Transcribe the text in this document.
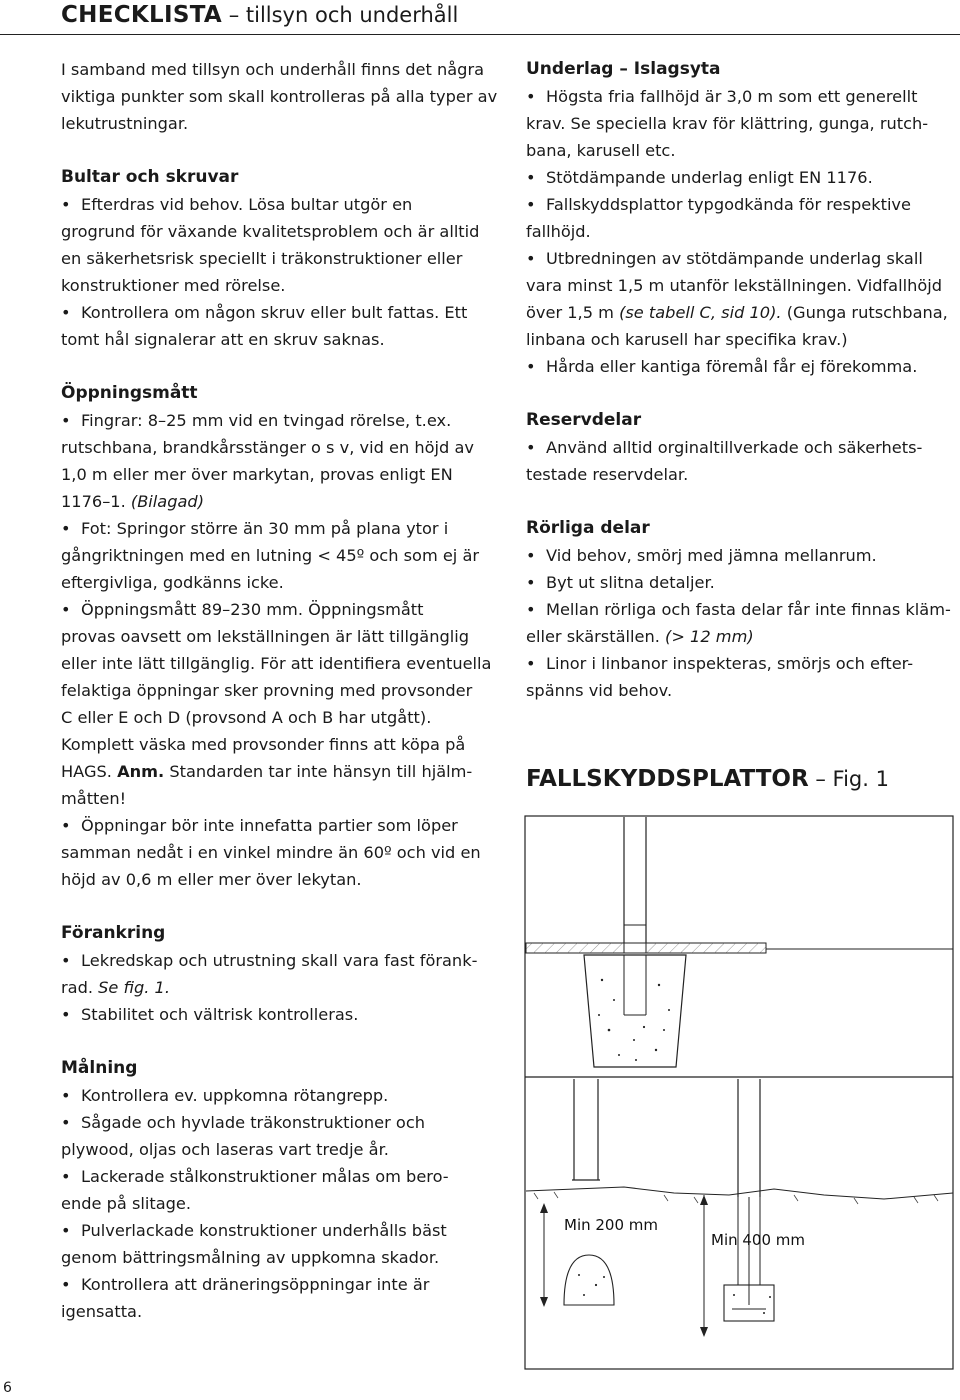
CHECKLISTA – tillsyn och underhåll

I samband med tillsyn och underhåll finns det några

viktiga punkter som skall kontrolleras på alla typer av

lekutrustningar.

Bultar och skruvar

• Efterdras vid behov. Lösa bultar utgör en

grogrund för växande kvalitetsproblem och är alltid

en säkerhetsrisk speciellt i träkonstruktioner eller

konstruktioner med rörelse.

• Kontrollera om någon skruv eller bult fattas. Ett

tomt hål signalerar att en skruv saknas.

Öppningsmått

• Fingrar: 8–25 mm vid en tvingad rörelse, t.ex.

rutschbana, brandkårsstänger o s v, vid en höjd av

1,0 m eller mer över markytan, provas enligt EN

1176–1. (Bilagad)

• Fot: Springor större än 30 mm på plana ytor i

gångriktningen med en lutning < 45º och som ej är

eftergivliga, godkänns icke.

• Öppningsmått 89–230 mm. Öppningsmått

provas oavsett om lekställningen är lätt tillgänglig

eller inte lätt tillgänglig. För att identifiera eventuella

felaktiga öppningar sker provning med provsonder

C eller E och D (provsond A och B har utgått).

Komplett väska med provsonder finns att köpa på

HAGS. Anm. Standarden tar inte hänsyn till hjälm-

måtten!

• Öppningar bör inte innefatta partier som löper

samman nedåt i en vinkel mindre än 60º och vid en

höjd av 0,6 m eller mer över lekytan.

Förankring

• Lekredskap och utrustning skall vara fast förank-

rad. Se fig. 1.

• Stabilitet och vältrisk kontrolleras.

Målning

• Kontrollera ev. uppkomna rötangrepp.

• Sågade och hyvlade träkonstruktioner och

plywood, oljas och laseras vart tredje år.

• Lackerade stålkonstruktioner målas om bero-

ende på slitage.

• Pulverlackade konstruktioner underhålls bäst

genom bättringsmålning av uppkomna skador.

• Kontrollera att dräneringsöppningar inte är

igensatta.

Underlag – Islagsyta

• Högsta fria fallhöjd är 3,0 m som ett generellt

krav. Se speciella krav för klättring, gunga, rutch-

bana, karusell etc.

• Stötdämpande underlag enligt EN 1176.

• Fallskyddsplattor typgodkända för respektive

fallhöjd.

• Utbredningen av stötdämpande underlag skall

vara minst 1,5 m utanför lekställningen. Vidfallhöjd

över 1,5 m (se tabell C, sid 10). (Gunga rutschbana,

linbana och karusell har specifika krav.)

• Hårda eller kantiga föremål får ej förekomma.

Reservdelar

• Använd alltid orginaltillverkade och säkerhets-

testade reservdelar.

Rörliga delar

• Vid behov, smörj med jämna mellanrum.

• Byt ut slitna detaljer.

• Mellan rörliga och fasta delar får inte finnas kläm-

eller skärställen. (> 12 mm)

• Linor i linbanor inspekteras, smörjs och efter-

spänns vid behov.

FALLSKYDDSPLATTOR – Fig. 1
Min 200 mm
Min 400 mm
6
